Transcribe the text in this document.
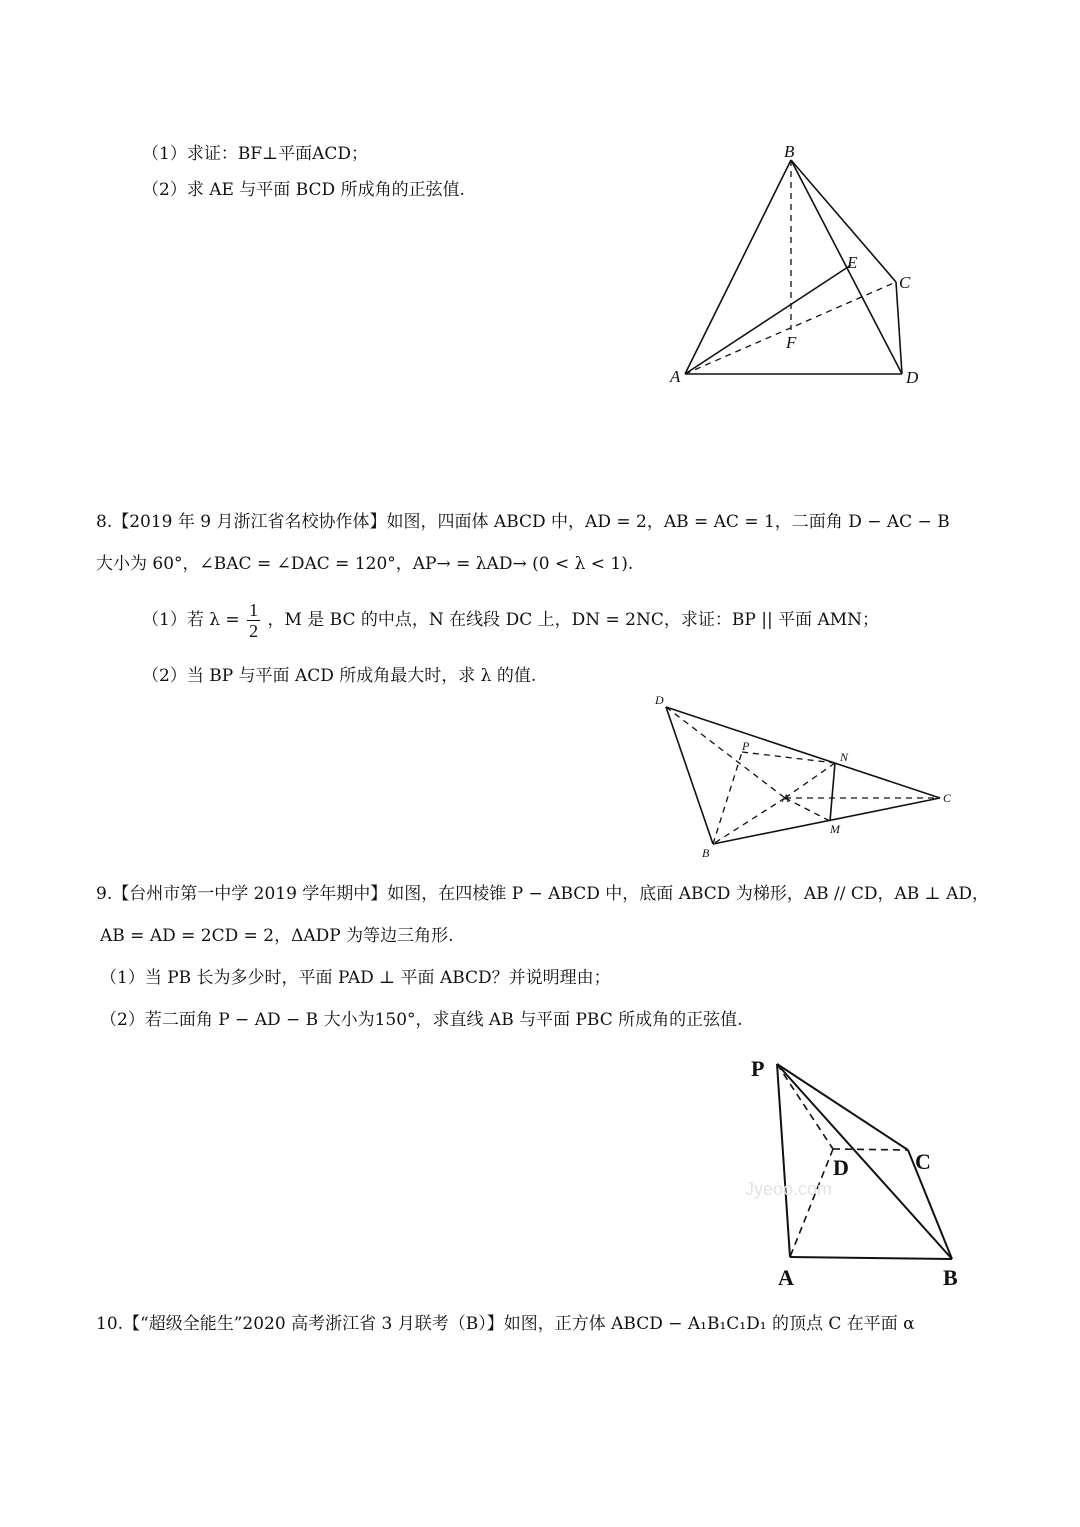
（1）求证：BF⊥平面ACD；
（2）求 AE 与平面 BCD 所成角的正弦值.
B
E
C
F
A	D
8.【2019 年 9 月浙江省名校协作体】如图，四面体 ABCD 中，AD = 2，AB = AC = 1，二面角 D − AC − B
大小为 60°，∠BAC = ∠DAC = 120°，AP→ = λAD→ (0 < λ < 1).
（1）若 $\lambda = \frac{1}{2}$ ，M 是 BC 的中点，N 在线段 DC 上，DN = 2NC，求证：BP || 平面 AMN；
（2）当 BP 与平面 ACD 所成角最大时，求 λ 的值.
D
P
N
A	C
M
B
9.【台州市第一中学 2019 学年期中】如图，在四棱锥 P − ABCD 中，底面 ABCD 为梯形，AB // CD，AB ⊥ AD，
AB = AD = 2CD = 2，ΔADP 为等边三角形.
（1）当 PB 长为多少时，平面 PAD ⊥ 平面 ABCD？并说明理由；
（2）若二面角 P − AD − B 大小为150°，求直线 AB 与平面 PBC 所成角的正弦值.
P
D	C
A	B
Jyeoo.com
10.【“超级全能生”2020 高考浙江省 3 月联考（B）】如图，正方体 ABCD − A₁B₁C₁D₁ 的顶点 C 在平面 α
